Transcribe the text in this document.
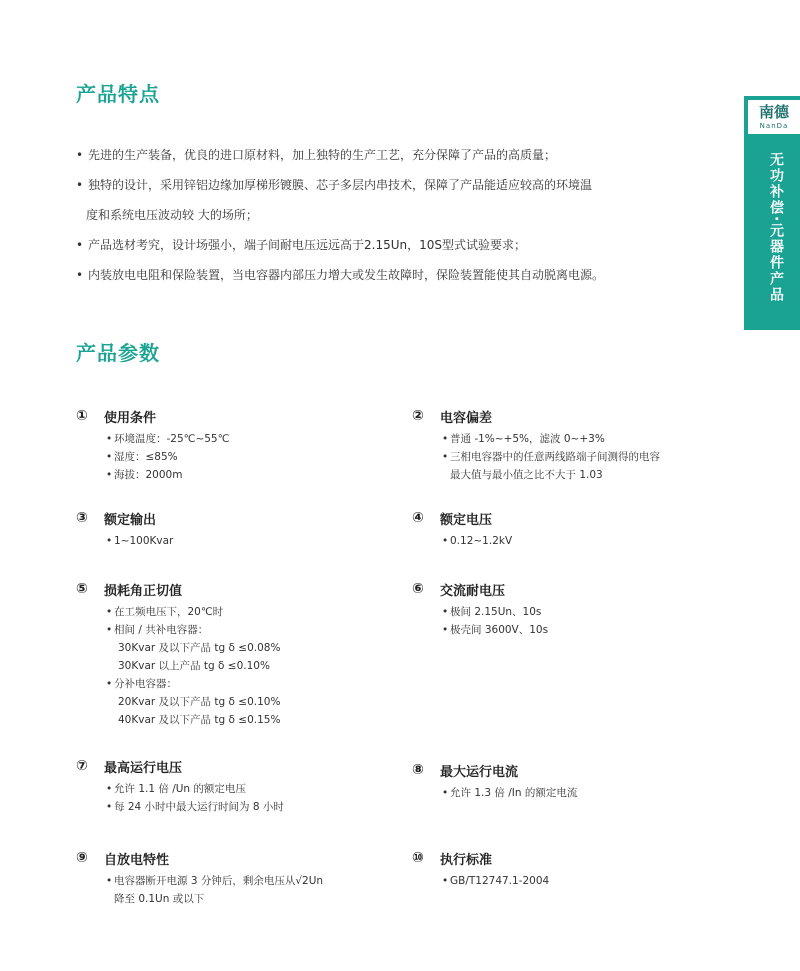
产品特点
• 先进的生产装备，优良的进口原材料，加上独特的生产工艺，充分保障了产品的高质量；
• 独特的设计，采用锌铝边缘加厚梯形镀膜、芯子多层内串技术，保障了产品能适应较高的环境温
度和系统电压波动较 大的场所；
• 产品选材考究，设计场强小，端子间耐电压远远高于2.15Un，10S型式试验要求；
• 内装放电电阻和保险装置，当电容器内部压力增大或发生故障时，保险装置能使其自动脱离电源。
产品参数
①	使用条件
• 环境温度：-25℃~55℃
• 湿度：≤85%
• 海拔：2000m
②	电容偏差
• 普通 -1%~+5%，滤波 0~+3%
• 三相电容器中的任意两线路端子间测得的电容
最大值与最小值之比不大于 1.03
③	额定输出
• 1~100Kvar
④	额定电压
• 0.12~1.2kV
⑤	损耗角正切值
• 在工频电压下，20℃时
• 相间 / 共补电容器：
30Kvar 及以下产品 tg δ ≤0.08%
30Kvar 以上产品 tg δ ≤0.10%
• 分补电容器：
20Kvar 及以下产品 tg δ ≤0.10%
40Kvar 及以下产品 tg δ ≤0.15%
⑥	交流耐电压
• 极间 2.15Un、10s
• 极壳间 3600V、10s
⑦	最高运行电压
• 允许 1.1 倍 /Un 的额定电压
• 每 24 小时中最大运行时间为 8 小时
⑧	最大运行电流
• 允许 1.3 倍 /In 的额定电流
⑨	自放电特性
• 电容器断开电源 3 分钟后，剩余电压从√2Un
降至 0.1Un 或以下
⑩	执行标准
• GB/T12747.1-2004
南德
NanDa
无功补偿·元器件产品
